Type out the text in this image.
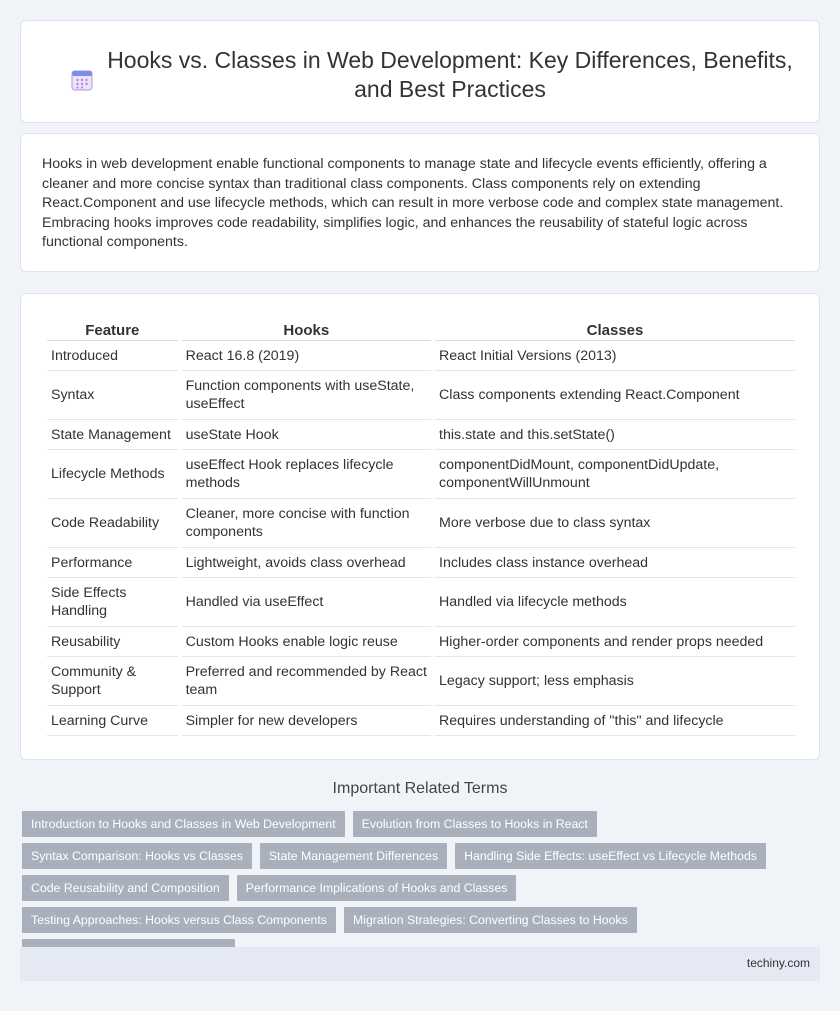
Hooks vs. Classes in Web Development: Key Differences, Benefits, and Best Practices

Hooks in web development enable functional components to manage state and lifecycle events efficiently, offering a cleaner and more concise syntax than traditional class components. Class components rely on extending React.Component and use lifecycle methods, which can result in more verbose code and complex state management. Embracing hooks improves code readability, simplifies logic, and enhances the reusability of stateful logic across functional components.

Feature	Hooks	Classes
Introduced	React 16.8 (2019)	React Initial Versions (2013)
Syntax	Function components with useState, useEffect	Class components extending React.Component
State Management	useState Hook	this.state and this.setState()
Lifecycle Methods	useEffect Hook replaces lifecycle methods	componentDidMount, componentDidUpdate, componentWillUnmount
Code Readability	Cleaner, more concise with function components	More verbose due to class syntax
Performance	Lightweight, avoids class overhead	Includes class instance overhead
Side Effects Handling	Handled via useEffect	Handled via lifecycle methods
Reusability	Custom Hooks enable logic reuse	Higher-order components and render props needed
Community & Support	Preferred and recommended by React team	Legacy support; less emphasis
Learning Curve	Simpler for new developers	Requires understanding of "this" and lifecycle
Important Related Terms
Introduction to Hooks and Classes in Web Development	Evolution from Classes to Hooks in React
Syntax Comparison: Hooks vs Classes	State Management Differences	Handling Side Effects: useEffect vs Lifecycle Methods
Code Reusability and Composition	Performance Implications of Hooks and Classes
Testing Approaches: Hooks versus Class Components	Migration Strategies: Converting Classes to Hooks
techiny.com
